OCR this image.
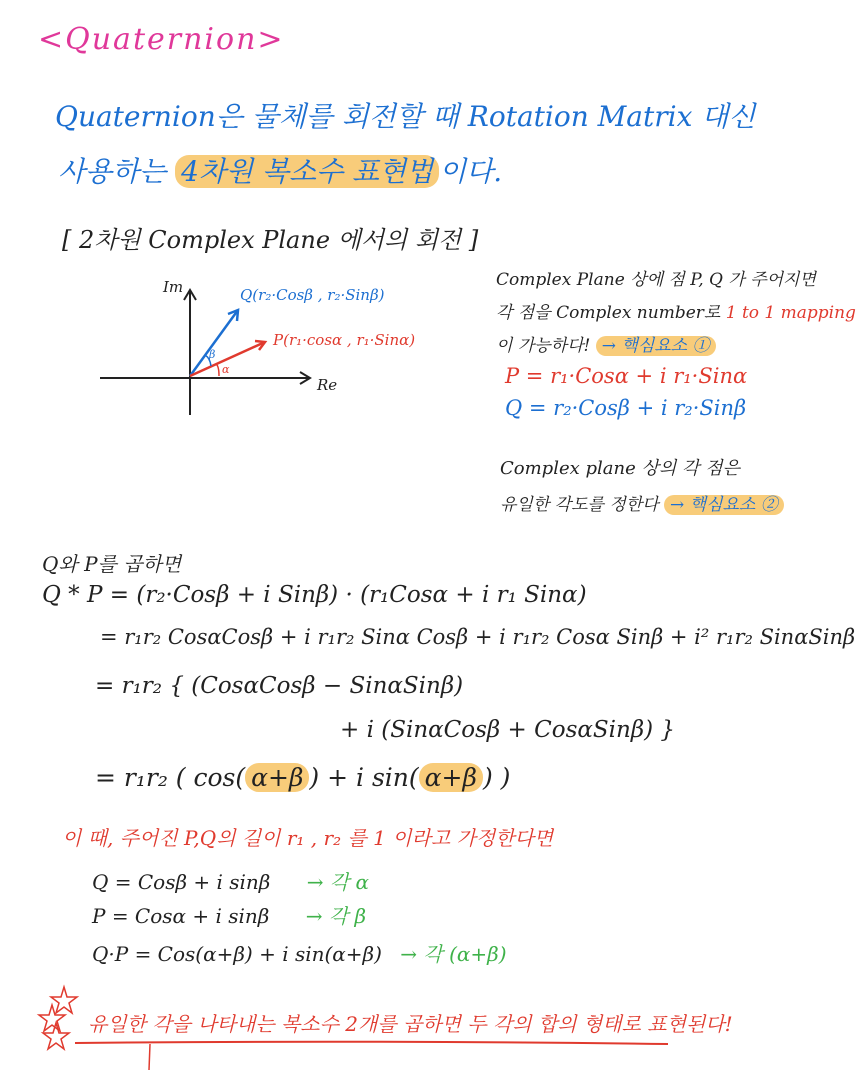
<Quaternion>
Quaternion은 물체를 회전할 때 Rotation Matrix 대신
사용하는 4차원 복소수 표현법 이다.
[ 2차원 Complex Plane 에서의 회전 ]
Im
Re
Q(r₂·Cosβ , r₂·Sinβ)
P(r₁·cosα , r₁·Sinα)
α
β
Complex Plane 상에 점 P, Q 가 주어지면
각 점을 Complex number로 1 to 1 mapping
이 가능하다! → 핵심요소 ①
P = r₁·Cosα + i r₁·Sinα
Q = r₂·Cosβ + i r₂·Sinβ
Complex plane 상의 각 점은
유일한 각도를 정한다 → 핵심요소 ②
Q와 P를 곱하면
Q * P = (r₂·Cosβ + i Sinβ) · (r₁Cosα + i r₁ Sinα)
= r₁r₂ CosαCosβ + i r₁r₂ Sinα Cosβ + i r₁r₂ Cosα Sinβ + i² r₁r₂ SinαSinβ
= r₁r₂ { (CosαCosβ − SinαSinβ)
+ i (SinαCosβ + CosαSinβ) }
= r₁r₂ ( cos( α+β ) + i sin( α+β ) )
이 때, 주어진 P,Q의 길이 r₁ , r₂ 를 1 이라고 가정한다면
Q = Cosβ + i sinβ → 각 α
P = Cosα + i sinβ → 각 β
Q·P = Cos(α+β) + i sin(α+β) → 각 (α+β)
유일한 각을 나타내는 복소수 2개를 곱하면 두 각의 합의 형태로 표현된다!
